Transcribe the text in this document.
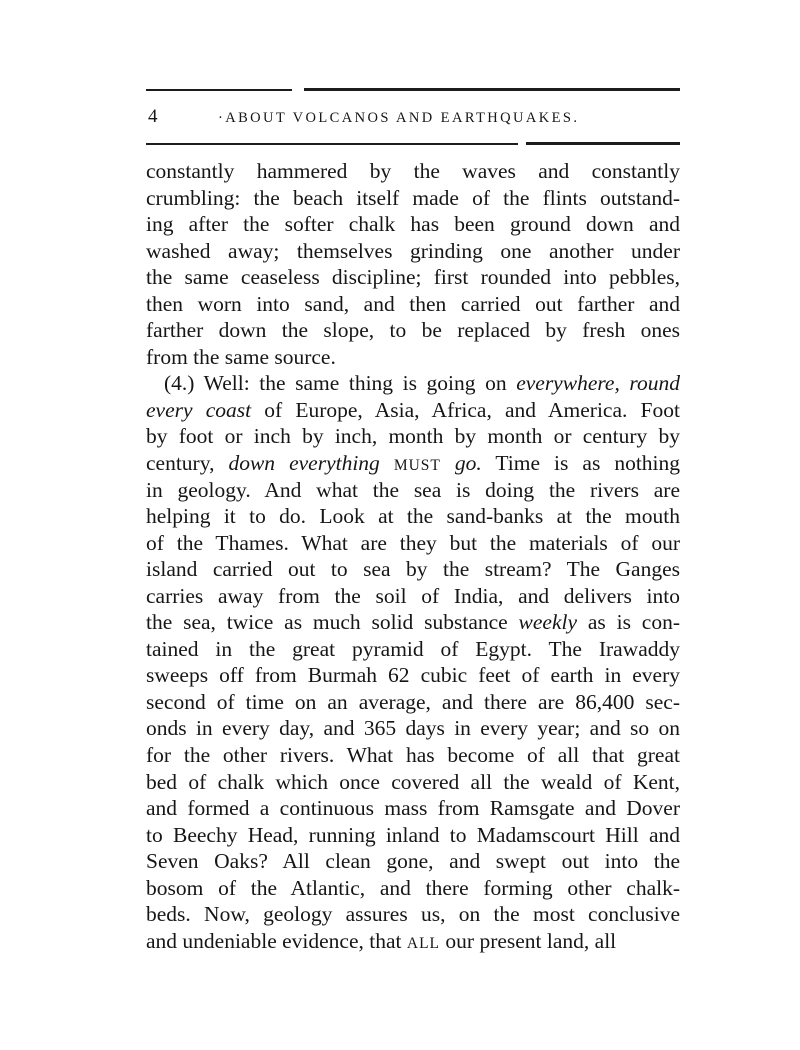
4	·ABOUT VOLCANOS AND EARTHQUAKES.
constantly hammered by the waves and constantly
crumbling: the beach itself made of the flints outstand-
ing after the softer chalk has been ground down and
washed away; themselves grinding one another under
the same ceaseless discipline; first rounded into pebbles,
then worn into sand, and then carried out farther and
farther down the slope, to be replaced by fresh ones
from the same source.
(4.) Well: the same thing is going on everywhere, round
every coast of Europe, Asia, Africa, and America. Foot
by foot or inch by inch, month by month or century by
century, down everything MUST go. Time is as nothing
in geology. And what the sea is doing the rivers are
helping it to do. Look at the sand-banks at the mouth
of the Thames. What are they but the materials of our
island carried out to sea by the stream? The Ganges
carries away from the soil of India, and delivers into
the sea, twice as much solid substance weekly as is con-
tained in the great pyramid of Egypt. The Irawaddy
sweeps off from Burmah 62 cubic feet of earth in every
second of time on an average, and there are 86,400 sec-
onds in every day, and 365 days in every year; and so on
for the other rivers. What has become of all that great
bed of chalk which once covered all the weald of Kent,
and formed a continuous mass from Ramsgate and Dover
to Beechy Head, running inland to Madamscourt Hill and
Seven Oaks? All clean gone, and swept out into the
bosom of the Atlantic, and there forming other chalk-
beds. Now, geology assures us, on the most conclusive
and undeniable evidence, that ALL our present land, all
